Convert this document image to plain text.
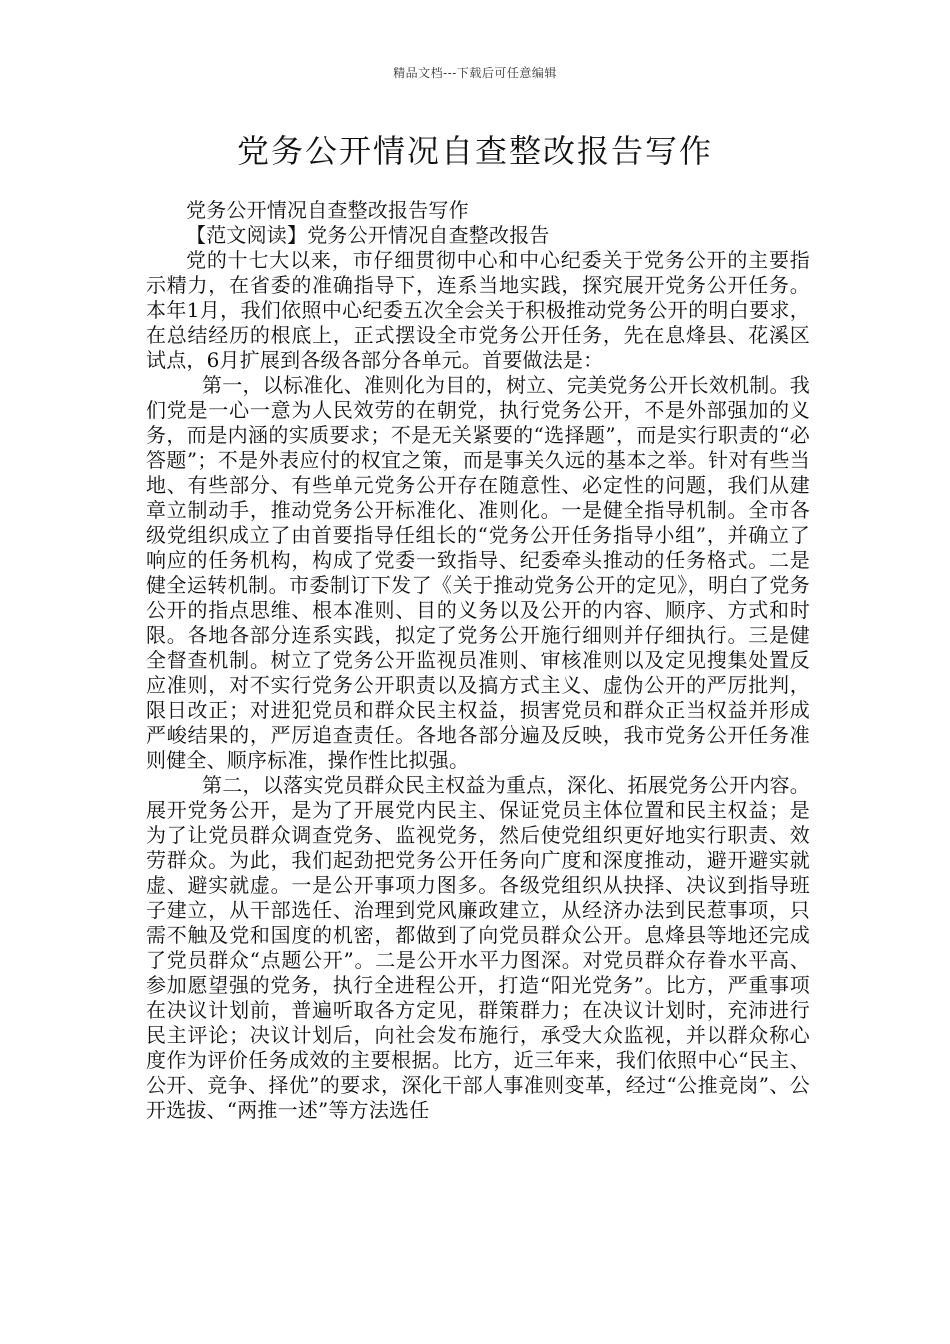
精品文档---下载后可任意编辑
党务公开情况自查整改报告写作

党务公开情况自查整改报告写作

【范文阅读】党务公开情况自查整改报告

党的十七大以来，市仔细贯彻中心和中心纪委关于党务公开的主要指示精力，在省委的准确指导下，连系当地实践，探究展开党务公开任务。本年1月，我们依照中心纪委五次全会关于积极推动党务公开的明白要求，在总结经历的根底上，正式摆设全市党务公开任务，先在息烽县、花溪区试点，6月扩展到各级各部分各单元。首要做法是：

第一，以标准化、准则化为目的，树立、完美党务公开长效机制。我们党是一心一意为人民效劳的在朝党，执行党务公开，不是外部强加的义务，而是内涵的实质要求；不是无关紧要的“选择题”，而是实行职责的“必答题”；不是外表应付的权宜之策，而是事关久远的基本之举。针对有些当地、有些部分、有些单元党务公开存在随意性、必定性的问题，我们从建章立制动手，推动党务公开标准化、准则化。一是健全指导机制。全市各级党组织成立了由首要指导任组长的“党务公开任务指导小组”，并确立了响应的任务机构，构成了党委一致指导、纪委牵头推动的任务格式。二是健全运转机制。市委制订下发了《关于推动党务公开的定见》，明白了党务公开的指点思维、根本准则、目的义务以及公开的内容、顺序、方式和时限。各地各部分连系实践，拟定了党务公开施行细则并仔细执行。三是健全督查机制。树立了党务公开监视员准则、审核准则以及定见搜集处置反应准则，对不实行党务公开职责以及搞方式主义、虚伪公开的严厉批判，限日改正；对进犯党员和群众民主权益，损害党员和群众正当权益并形成严峻结果的，严厉追查责任。各地各部分遍及反映，我市党务公开任务准则健全、顺序标准，操作性比拟强。

第二，以落实党员群众民主权益为重点，深化、拓展党务公开内容。展开党务公开，是为了开展党内民主、保证党员主体位置和民主权益；是为了让党员群众调查党务、监视党务，然后使党组织更好地实行职责、效劳群众。为此，我们起劲把党务公开任务向广度和深度推动，避开避实就虚、避实就虚。一是公开事项力图多。各级党组织从抉择、决议到指导班子建立，从干部选任、治理到党风廉政建立，从经济办法到民惹事项，只需不触及党和国度的机密，都做到了向党员群众公开。息烽县等地还完成了党员群众“点题公开”。二是公开水平力图深。对党员群众存眷水平高、参加愿望强的党务，执行全进程公开，打造“阳光党务”。比方，严重事项在决议计划前，普遍听取各方定见，群策群力；在决议计划时，充沛进行民主评论；决议计划后，向社会发布施行，承受大众监视，并以群众称心度作为评价任务成效的主要根据。比方，近三年来，我们依照中心“民主、公开、竞争、择优”的要求，深化干部人事准则变革，经过“公推竞岗”、公开选拔、“两推一述”等方法选任
